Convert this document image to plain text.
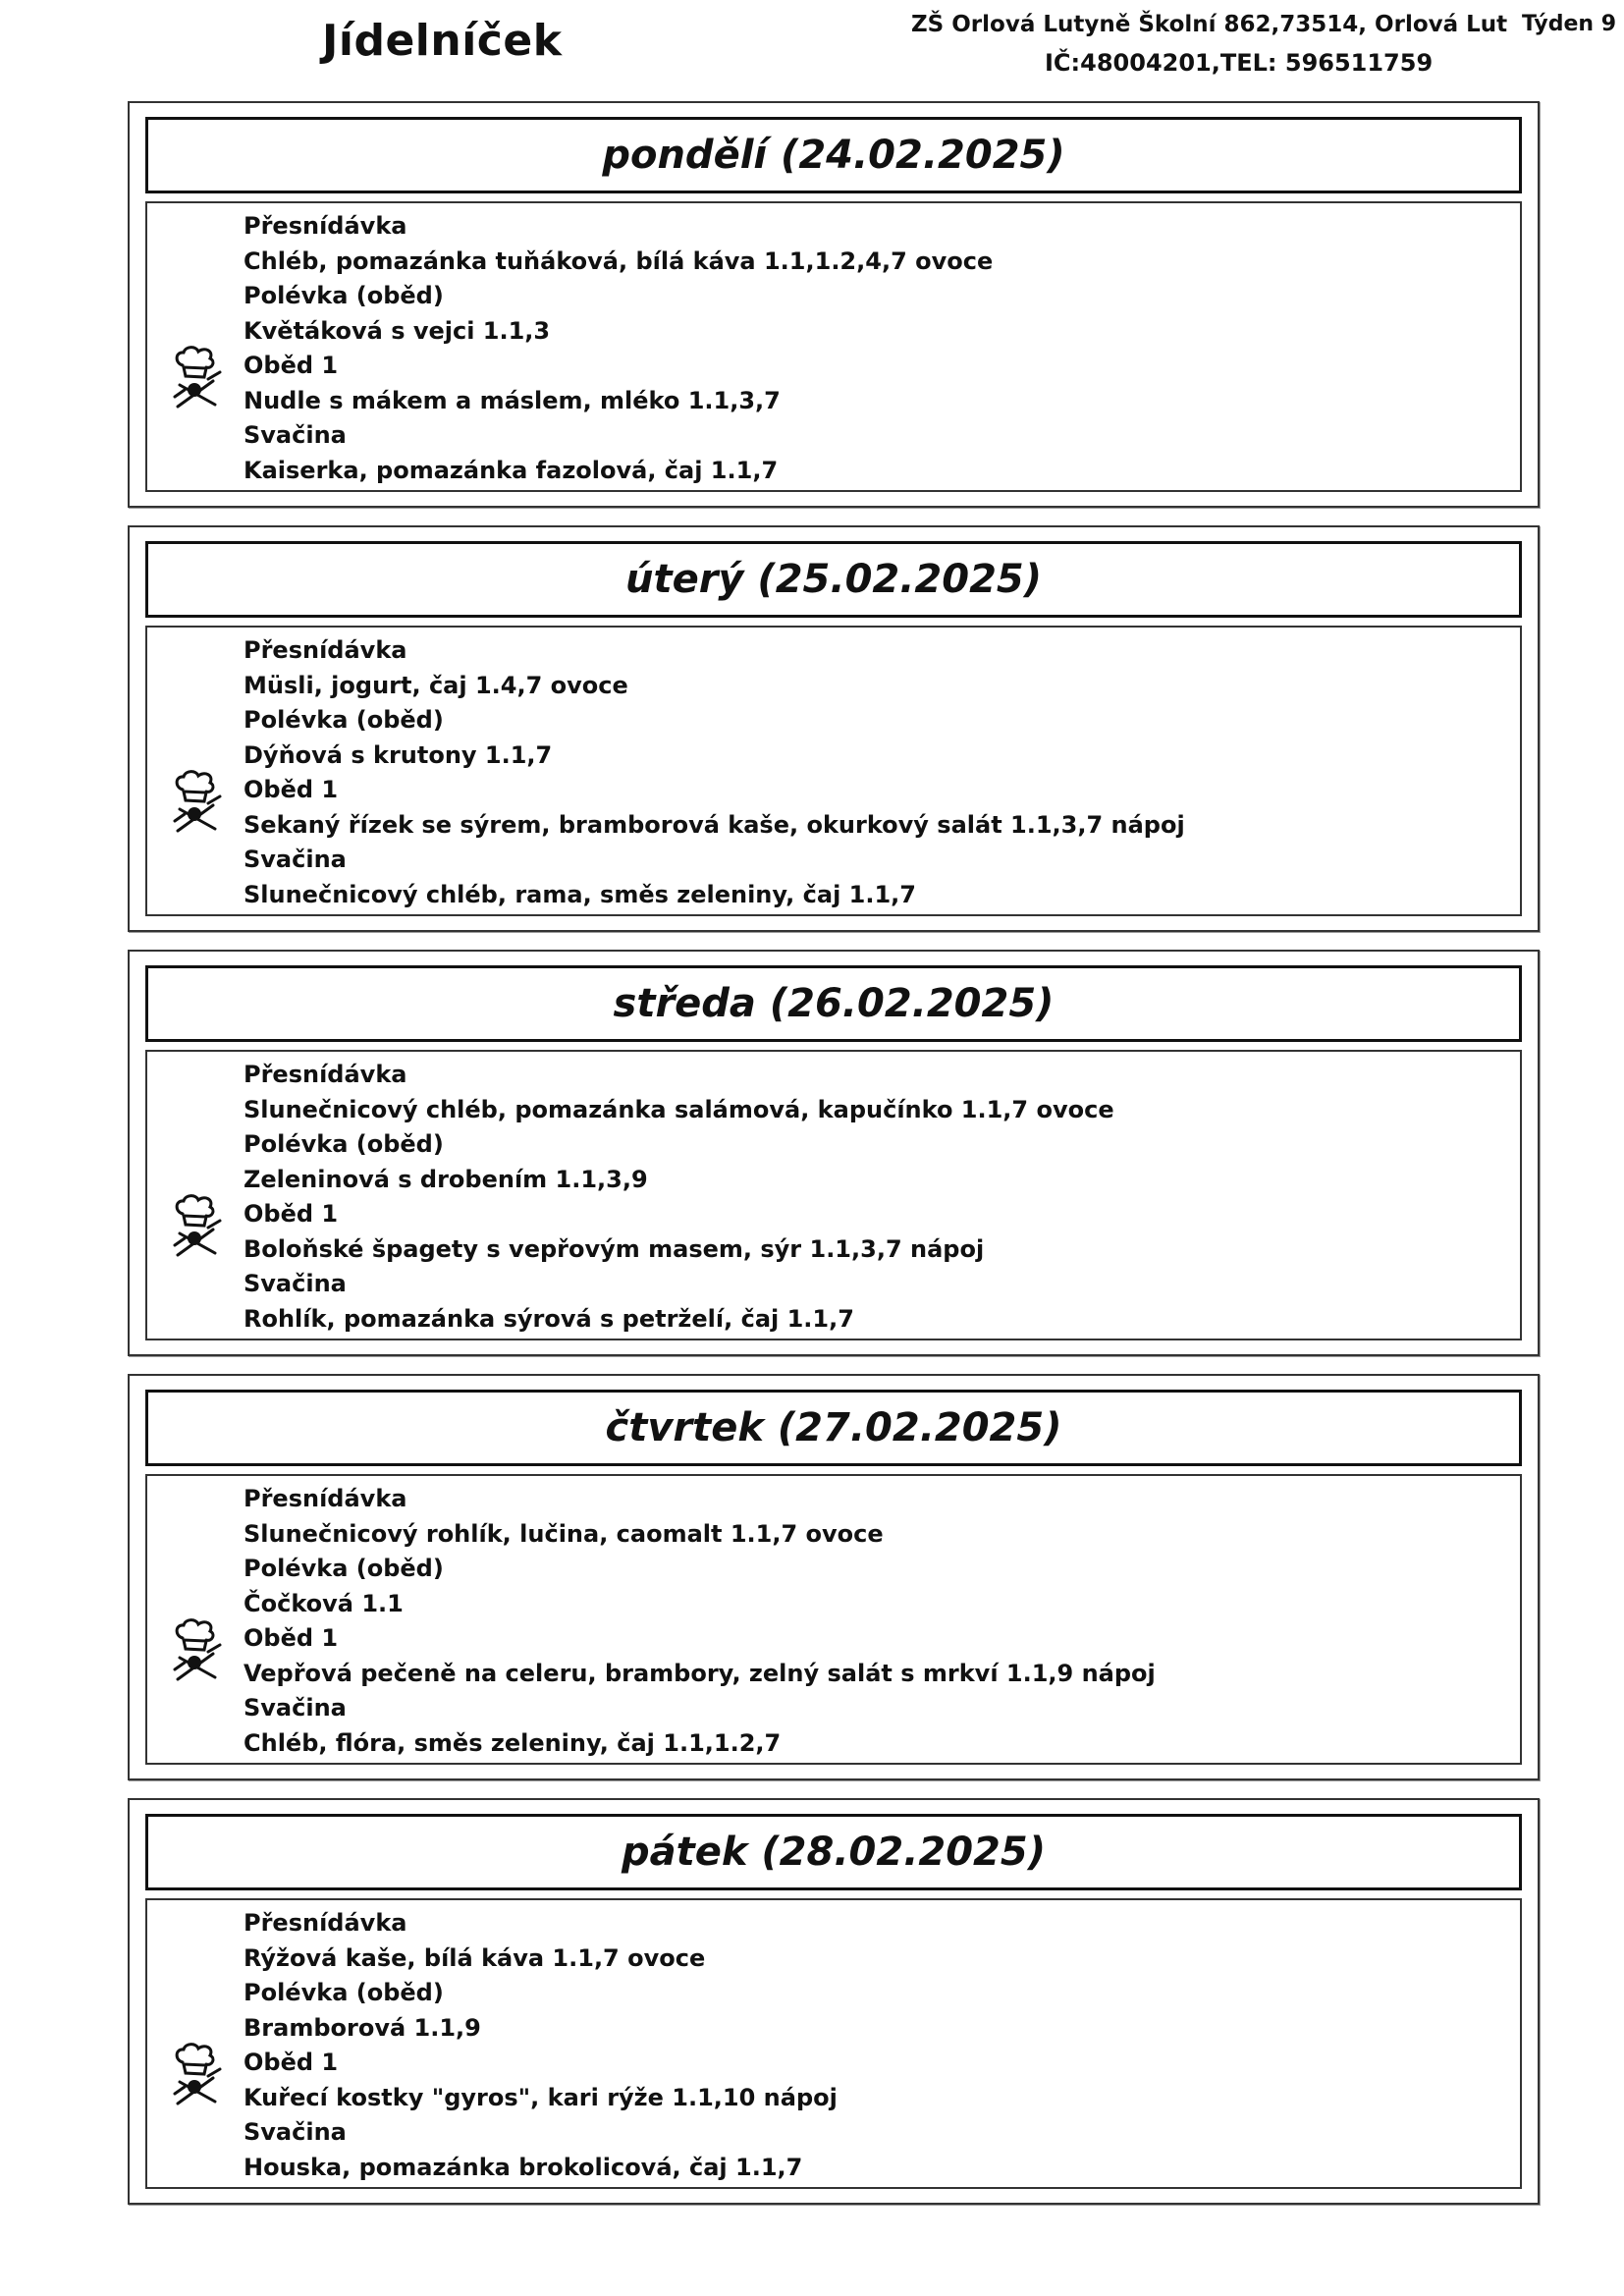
Jídelníček	ZŠ Orlová Lutyně Školní 862,73514, Orlová Lut Týden 9
IČ:48004201,TEL: 596511759
pondělí (24.02.2025)
Přesnídávka
Chléb, pomazánka tuňáková, bílá káva 1.1,1.2,4,7 ovoce
Polévka (oběd)
Květáková s vejci 1.1,3
Oběd 1
Nudle s mákem a máslem, mléko 1.1,3,7
Svačina
Kaiserka, pomazánka fazolová, čaj 1.1,7
úterý (25.02.2025)
Přesnídávka
Müsli, jogurt, čaj 1.4,7 ovoce
Polévka (oběd)
Dýňová s krutony 1.1,7
Oběd 1
Sekaný řízek se sýrem, bramborová kaše, okurkový salát 1.1,3,7 nápoj
Svačina
Slunečnicový chléb, rama, směs zeleniny, čaj 1.1,7
středa (26.02.2025)
Přesnídávka
Slunečnicový chléb, pomazánka salámová, kapučínko 1.1,7 ovoce
Polévka (oběd)
Zeleninová s drobením 1.1,3,9
Oběd 1
Boloňské špagety s vepřovým masem, sýr 1.1,3,7 nápoj
Svačina
Rohlík, pomazánka sýrová s petrželí, čaj 1.1,7
čtvrtek (27.02.2025)
Přesnídávka
Slunečnicový rohlík, lučina, caomalt 1.1,7 ovoce
Polévka (oběd)
Čočková 1.1
Oběd 1
Vepřová pečeně na celeru, brambory, zelný salát s mrkví 1.1,9 nápoj
Svačina
Chléb, flóra, směs zeleniny, čaj 1.1,1.2,7
pátek (28.02.2025)
Přesnídávka
Rýžová kaše, bílá káva 1.1,7 ovoce
Polévka (oběd)
Bramborová 1.1,9
Oběd 1
Kuřecí kostky "gyros", kari rýže 1.1,10 nápoj
Svačina
Houska, pomazánka brokolicová, čaj 1.1,7
